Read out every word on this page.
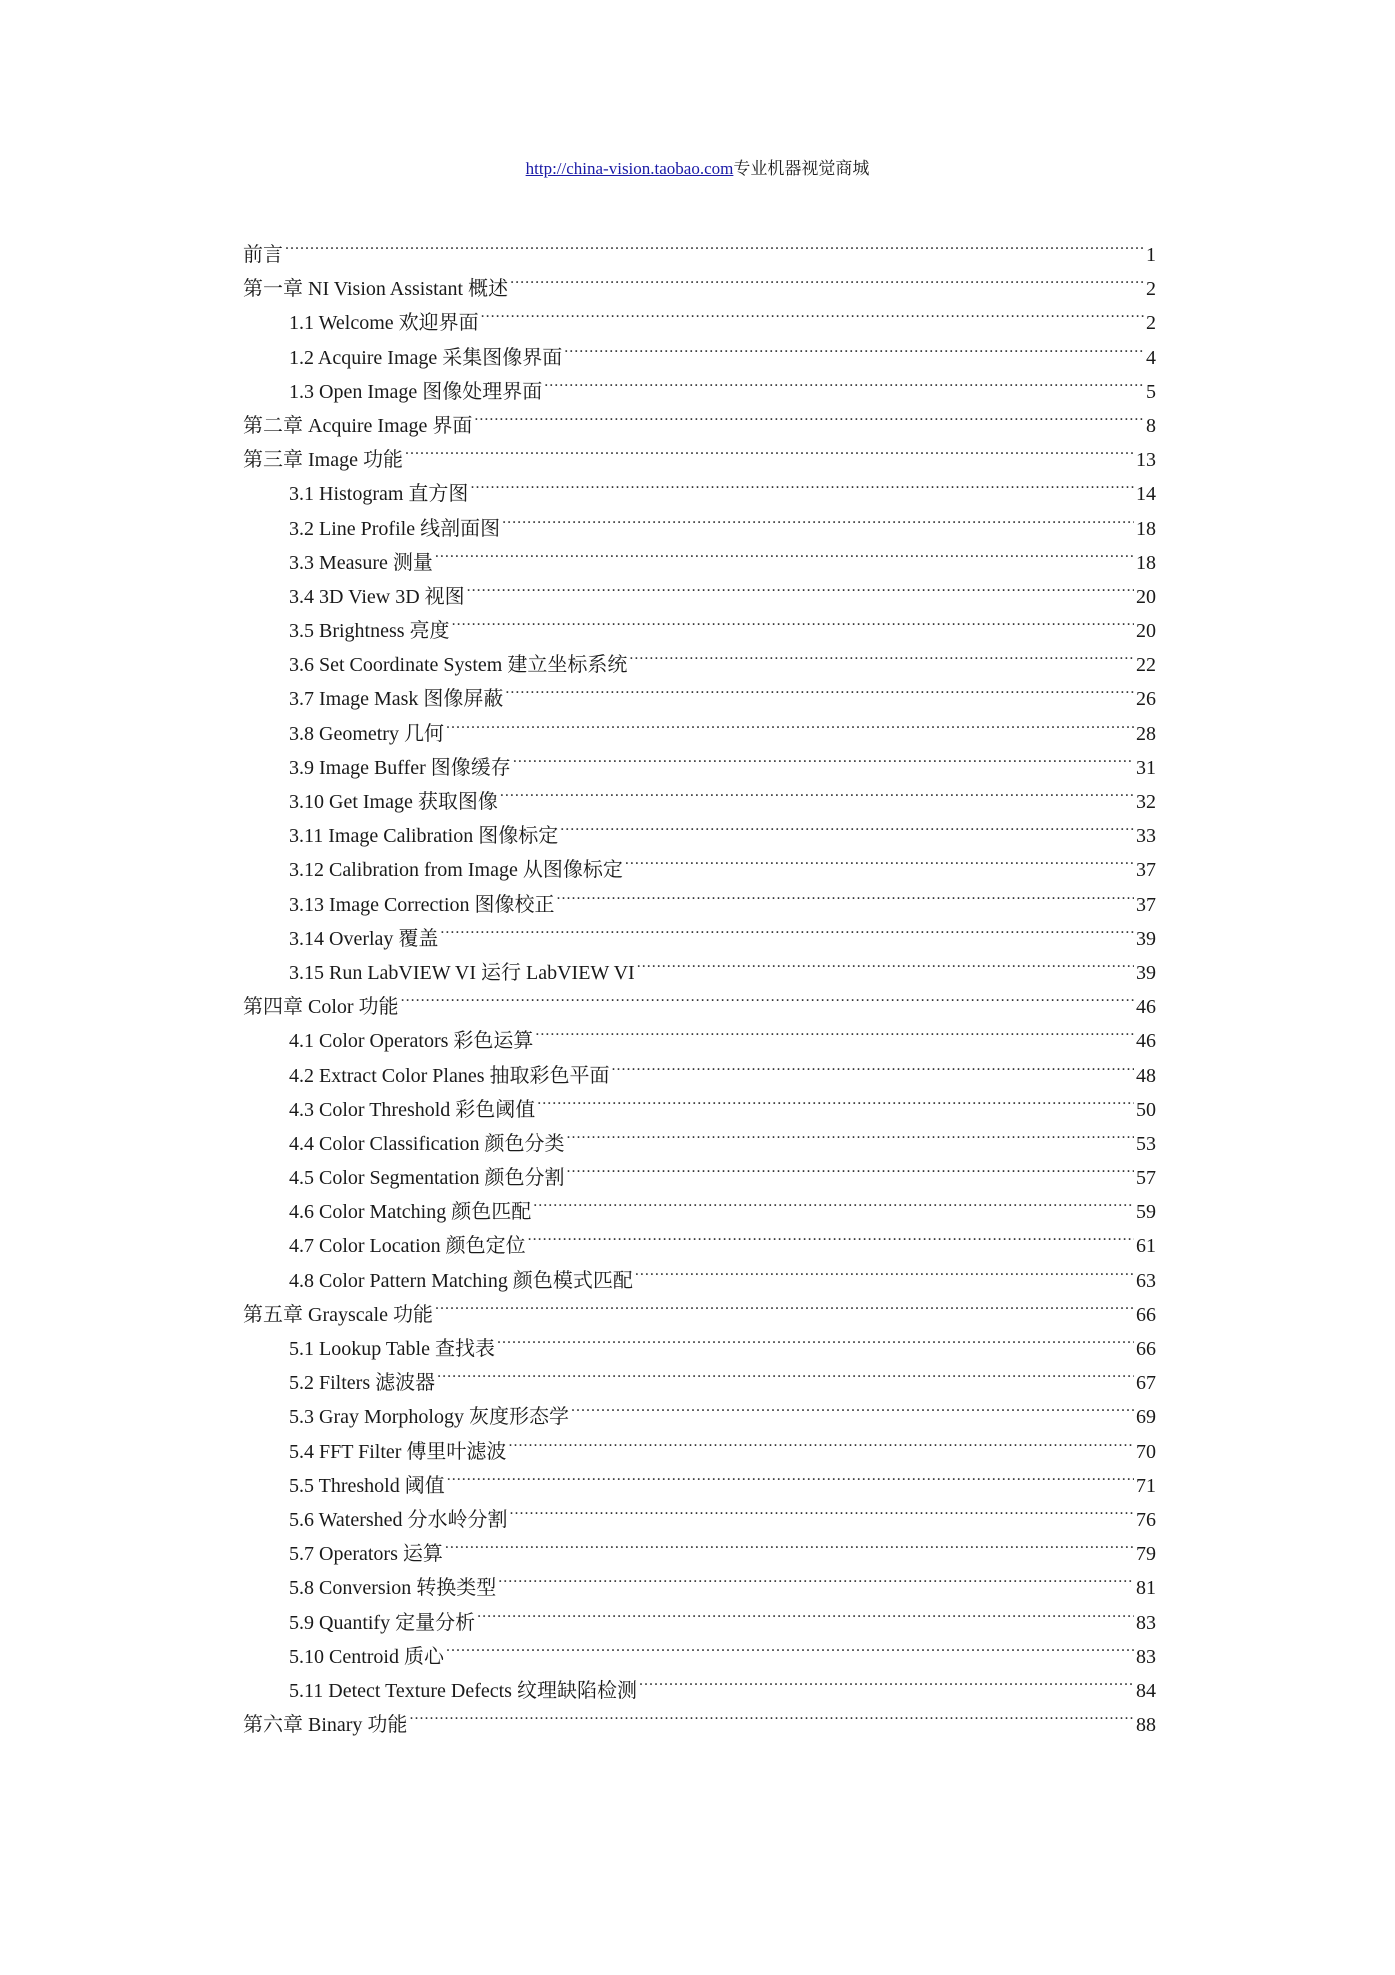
http://china-vision.taobao.com专业机器视觉商城
前言 .....	1
第一章 NI Vision Assistant 概述 .....	2
1.1 Welcome 欢迎界面 .....	2
1.2 Acquire Image 采集图像界面 .....	4
1.3 Open Image 图像处理界面 .....	5
第二章 Acquire Image 界面 .....	8
第三章 Image 功能 .....	13
3.1 Histogram 直方图 .....	14
3.2 Line Profile 线剖面图 .....	18
3.3 Measure 测量 .....	18
3.4 3D View 3D 视图 .....	20
3.5 Brightness 亮度 .....	20
3.6 Set Coordinate System 建立坐标系统 .....	22
3.7 Image Mask 图像屏蔽 .....	26
3.8 Geometry 几何 .....	28
3.9 Image Buffer 图像缓存 .....	31
3.10 Get Image 获取图像 .....	32
3.11 Image Calibration 图像标定 .....	33
3.12 Calibration from Image 从图像标定 .....	37
3.13 Image Correction 图像校正 .....	37
3.14 Overlay 覆盖 .....	39
3.15 Run LabVIEW VI 运行 LabVIEW VI .....	39
第四章 Color 功能 .....	46
4.1 Color Operators 彩色运算 .....	46
4.2 Extract Color Planes 抽取彩色平面 .....	48
4.3 Color Threshold 彩色阈值 .....	50
4.4 Color Classification 颜色分类 .....	53
4.5 Color Segmentation 颜色分割 .....	57
4.6 Color Matching 颜色匹配 .....	59
4.7 Color Location 颜色定位 .....	61
4.8 Color Pattern Matching 颜色模式匹配 .....	63
第五章 Grayscale 功能 .....	66
5.1 Lookup Table 查找表 .....	66
5.2 Filters 滤波器 .....	67
5.3 Gray Morphology 灰度形态学 .....	69
5.4 FFT Filter 傅里叶滤波 .....	70
5.5 Threshold 阈值 .....	71
5.6 Watershed 分水岭分割 .....	76
5.7 Operators 运算 .....	79
5.8 Conversion 转换类型 .....	81
5.9 Quantify 定量分析 .....	83
5.10 Centroid 质心 .....	83
5.11 Detect Texture Defects 纹理缺陷检测 .....	84
第六章 Binary 功能 .....	88
